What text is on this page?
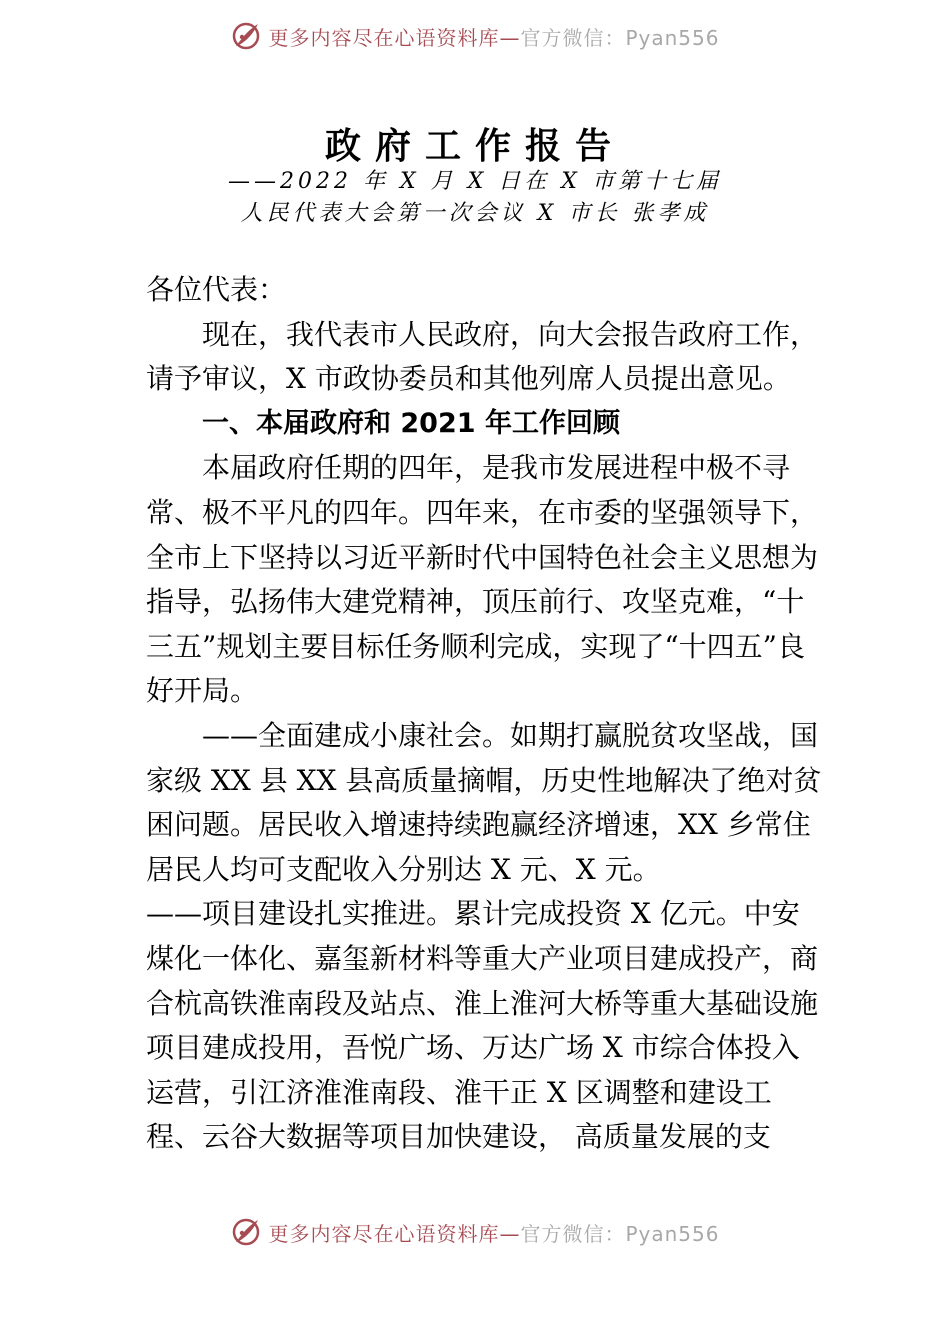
更多内容尽在心语资料库— 官方微信：Pyan556
政府工作报告
——2022 年 X 月 X 日在 X 市第十七届
人民代表大会第一次会议 X 市长 张孝成

各位代表：

现在，我代表市人民政府，向大会报告政府工作，请予审议，X 市政协委员和其他列席人员提出意见。

一、本届政府和 2021 年工作回顾

本届政府任期的四年，是我市发展进程中极不寻常、极不平凡的四年。四年来，在市委的坚强领导下，全市上下坚持以习近平新时代中国特色社会主义思想为指导，弘扬伟大建党精神，顶压前行、攻坚克难，“十三五”规划主要目标任务顺利完成，实现了“十四五”良好开局。

——全面建成小康社会。如期打赢脱贫攻坚战，国家级 XX 县 XX 县高质量摘帽，历史性地解决了绝对贫困问题。居民收入增速持续跑赢经济增速，XX 乡常住居民人均可支配收入分别达 X 元、X 元。

——项目建设扎实推进。累计完成投资 X 亿元。中安煤化一体化、嘉玺新材料等重大产业项目建成投产，商合杭高铁淮南段及站点、淮上淮河大桥等重大基础设施项目建成投用，吾悦广场、万达广场 X 市综合体投入运营，引江济淮淮南段、淮干正 X 区调整和建设工程、云谷大数据等项目加快建设， 高质量发展的支

更多内容尽在心语资料库— 官方微信：Pyan556
